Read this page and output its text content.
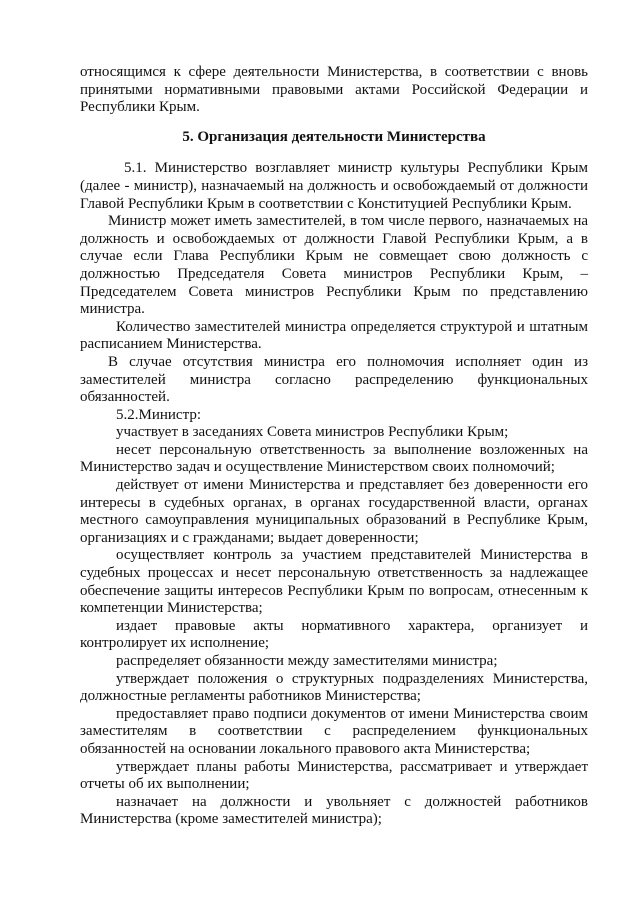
относящимся к сфере деятельности Министерства, в соответствии с вновь принятыми нормативными правовыми актами Российской Федерации и Республики Крым.

5. Организация деятельности Министерства

5.1. Министерство возглавляет министр культуры Республики Крым (далее - министр), назначаемый на должность и освобождаемый от должности Главой Республики Крым в соответствии с Конституцией Республики Крым.

Министр может иметь заместителей, в том числе первого, назначаемых на должность и освобождаемых от должности Главой Республики Крым, а в случае если Глава Республики Крым не совмещает свою должность с должностью Председателя Совета министров Республики Крым, – Председателем Совета министров Республики Крым по представлению министра.

Количество заместителей министра определяется структурой и штатным расписанием Министерства.

В случае отсутствия министра его полномочия исполняет один из заместителей министра согласно распределению функциональных обязанностей.

5.2.Министр:

участвует в заседаниях Совета министров Республики Крым;

несет персональную ответственность за выполнение возложенных на Министерство задач и осуществление Министерством своих полномочий;

действует от имени Министерства и представляет без доверенности его интересы в судебных органах, в органах государственной власти, органах местного самоуправления муниципальных образований в Республике Крым, организациях и с гражданами; выдает доверенности;

осуществляет контроль за участием представителей Министерства в судебных процессах и несет персональную ответственность за надлежащее обеспечение защиты интересов Республики Крым по вопросам, отнесенным к компетенции Министерства;

издает правовые акты нормативного характера, организует и контролирует их исполнение;

распределяет обязанности между заместителями министра;

утверждает положения о структурных подразделениях Министерства, должностные регламенты работников Министерства;

предоставляет право подписи документов от имени Министерства своим заместителям в соответствии с распределением функциональных обязанностей на основании локального правового акта Министерства;

утверждает планы работы Министерства, рассматривает и утверждает отчеты об их выполнении;

назначает на должности и увольняет с должностей работников Министерства (кроме заместителей министра);
